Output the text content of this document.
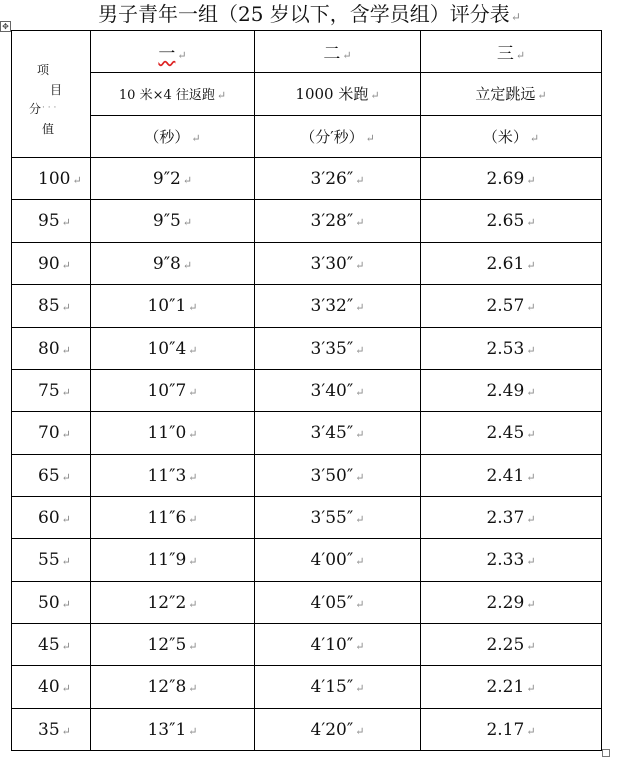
✥
男子青年一组（25 岁以下，含学员组）评分表↵
项
目
分 · · ·
值	一 ↵	二 ↵	三 ↵
	10 米×4 往返跑 ↵	1000 米跑 ↵	立定跳远 ↵
	（秒） ↵	（分′秒） ↵	（米） ↵
100 ↵	9″2 ↵	3′26″ ↵	2.69 ↵
95 ↵	9″5 ↵	3′28″ ↵	2.65 ↵
90 ↵	9″8 ↵	3′30″ ↵	2.61 ↵
85 ↵	10″1 ↵	3′32″ ↵	2.57 ↵
80 ↵	10″4 ↵	3′35″ ↵	2.53 ↵
75 ↵	10″7 ↵	3′40″ ↵	2.49 ↵
70 ↵	11″0 ↵	3′45″ ↵	2.45 ↵
65 ↵	11″3 ↵	3′50″ ↵	2.41 ↵
60 ↵	11″6 ↵	3′55″ ↵	2.37 ↵
55 ↵	11″9 ↵	4′00″ ↵	2.33 ↵
50 ↵	12″2 ↵	4′05″ ↵	2.29 ↵
45 ↵	12″5 ↵	4′10″ ↵	2.25 ↵
40 ↵	12″8 ↵	4′15″ ↵	2.21 ↵
35 ↵	13″1 ↵	4′20″ ↵	2.17 ↵
